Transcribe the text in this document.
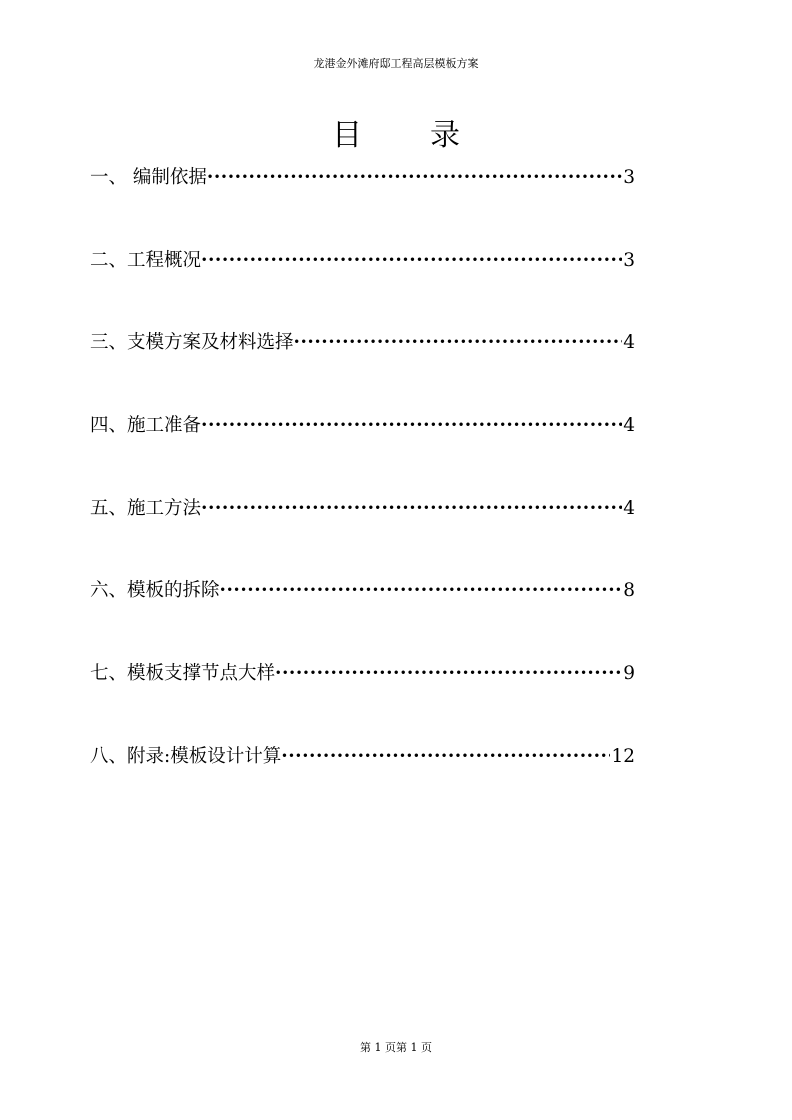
龙港金外滩府邸工程高层模板方案
目 录
一、 编制依据 ·····	3
二、 工程概况 ·····	3
三、 支模方案及材料选择 ·····	4
四、 施工准备 ·····	4
五、 施工方法 ·····	4
六、 模板的拆除 ·····	8
七、 模板支撑节点大样 ·····	9
八、 附录:模板设计计算 ·····	12
第 1 页第 1 页
